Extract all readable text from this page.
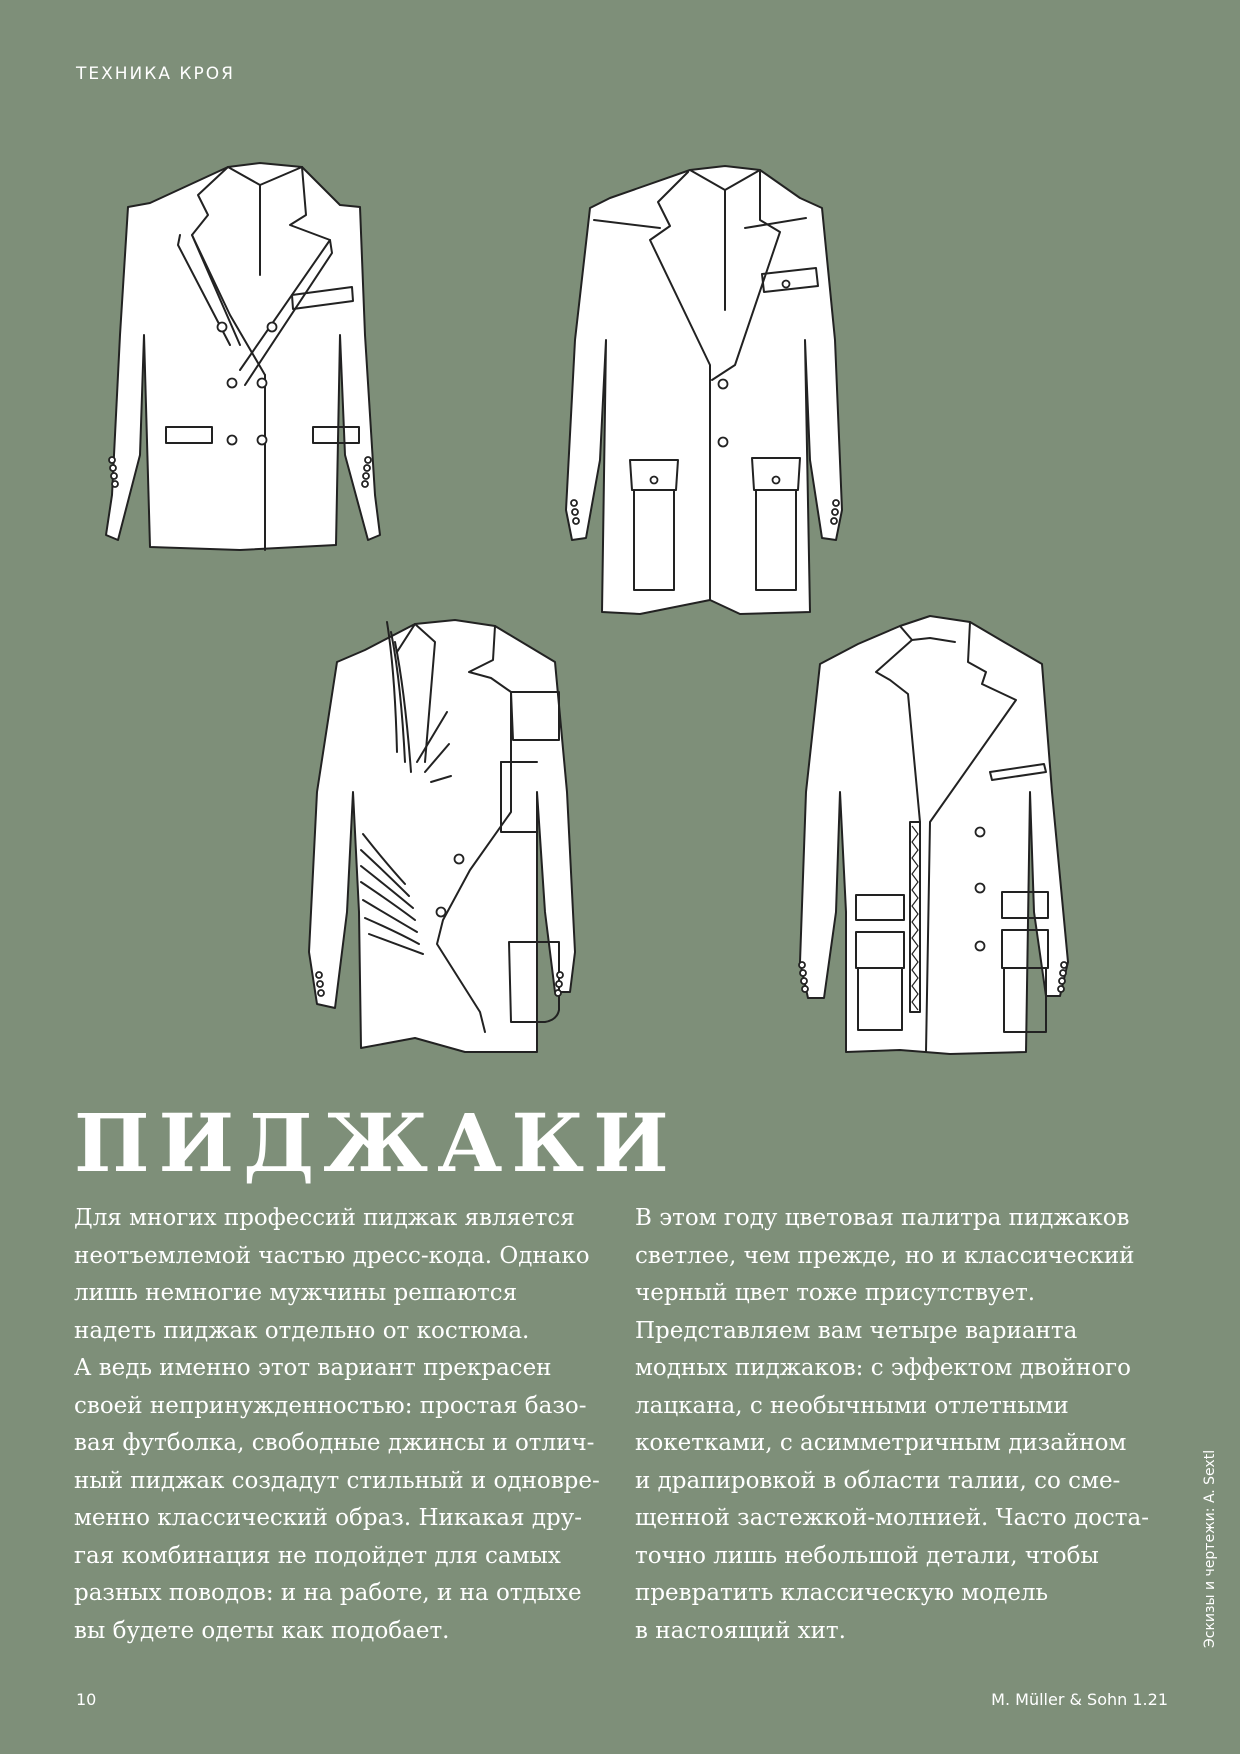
ТЕХНИКА КРОЯ
ПИДЖАКИ

Для многих профессий пиджак является
неотъемлемой частью дресс-кода. Однако
лишь немногие мужчины решаются
надеть пиджак отдельно от костюма.
А ведь именно этот вариант прекрасен
своей непринужденностью: простая базо-
вая футболка, свободные джинсы и отлич-
ный пиджак создадут стильный и одновре-
менно классический образ. Никакая дру-
гая комбинация не подойдет для самых
разных поводов: и на работе, и на отдыхе
вы будете одеты как подобает.

В этом году цветовая палитра пиджаков
светлее, чем прежде, но и классический
черный цвет тоже присутствует.
Представляем вам четыре варианта
модных пиджаков: с эффектом двойного
лацкана, с необычными отлетными
кокетками, с асимметричным дизайном
и драпировкой в области талии, со сме-
щенной застежкой-молнией. Часто доста-
точно лишь небольшой детали, чтобы
превратить классическую модель
в настоящий хит.	Эскизы и чертежи: A. Sextl
10	M. Müller & Sohn 1.21
